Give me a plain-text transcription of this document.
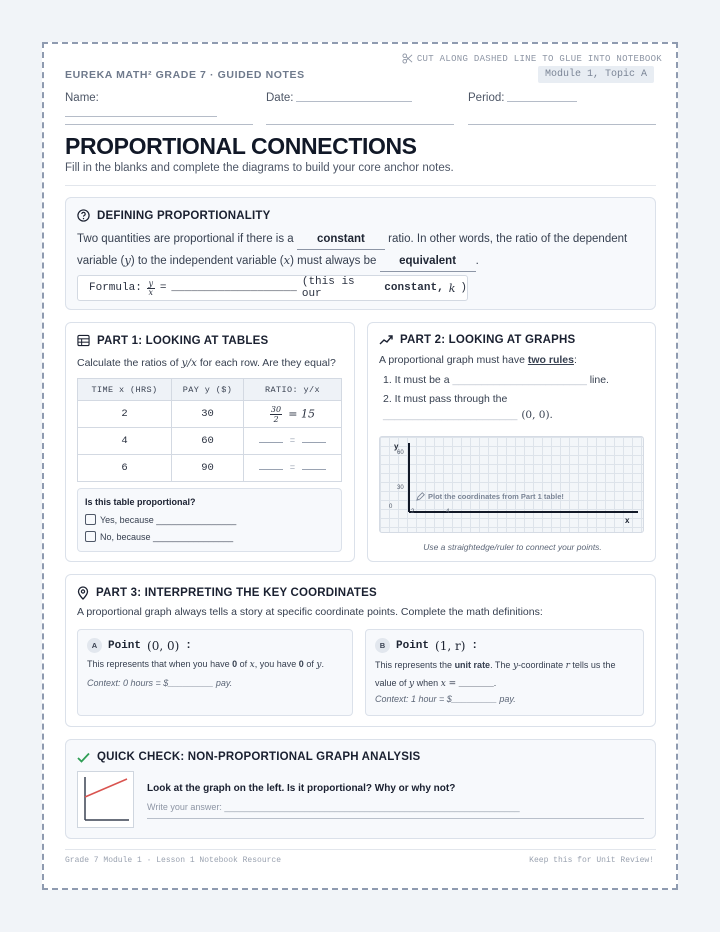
CUT ALONG DASHED LINE TO GLUE INTO NOTEBOOK
EUREKA MATH² GRADE 7 · GUIDED NOTES	Module 1, Topic A
Name:	Date:	Period:
PROPORTIONAL CONNECTIONS
Fill in the blanks and complete the diagrams to build your core anchor notes.
DEFINING PROPORTIONALITY
Two quantities are proportional if there is a constant ratio. In other words, the ratio of the dependent
variable (y) to the independent variable (x) must always be equivalent .
Formula: y
x = ___________________ (this is our	constant, k )
PART 1: LOOKING AT TABLES
Calculate the ratios of y/x for each row. Are they equal?
TIME x (HRS)	PAY y ($)	RATIO: y/x
2	30	$\frac{30}{2} = 15$
4	60	=
6	90	=
Is this table proportional?
Yes, because ________________
No, because ________________
PART 2: LOOKING AT GRAPHS
A proportional graph must have two rules:
1. It must be a _______________________ line.
2. It must pass through the
_______________________ (0, 0).
y
60
30
0
2	4
x
Plot the coordinates from Part 1 table!
Use a straightedge/ruler to connect your points.
PART 3: INTERPRETING THE KEY COORDINATES
A proportional graph always tells a story at specific coordinate points. Complete the math definitions:
A Point (0, 0) :
This represents that when you have 0 of x, you have 0 of y.
Context: 0 hours = $_________ pay.
B Point (1, r) :
This represents the unit rate. The y-coordinate r tells us the value of y when x = _______.
Context: 1 hour = $_________ pay.
QUICK CHECK: NON-PROPORTIONAL GRAPH ANALYSIS
Look at the graph on the left. Is it proportional? Why or why not?
Write your answer: ___________________________________________________________
Grade 7 Module 1 · Lesson 1 Notebook Resource	Keep this for Unit Review!
